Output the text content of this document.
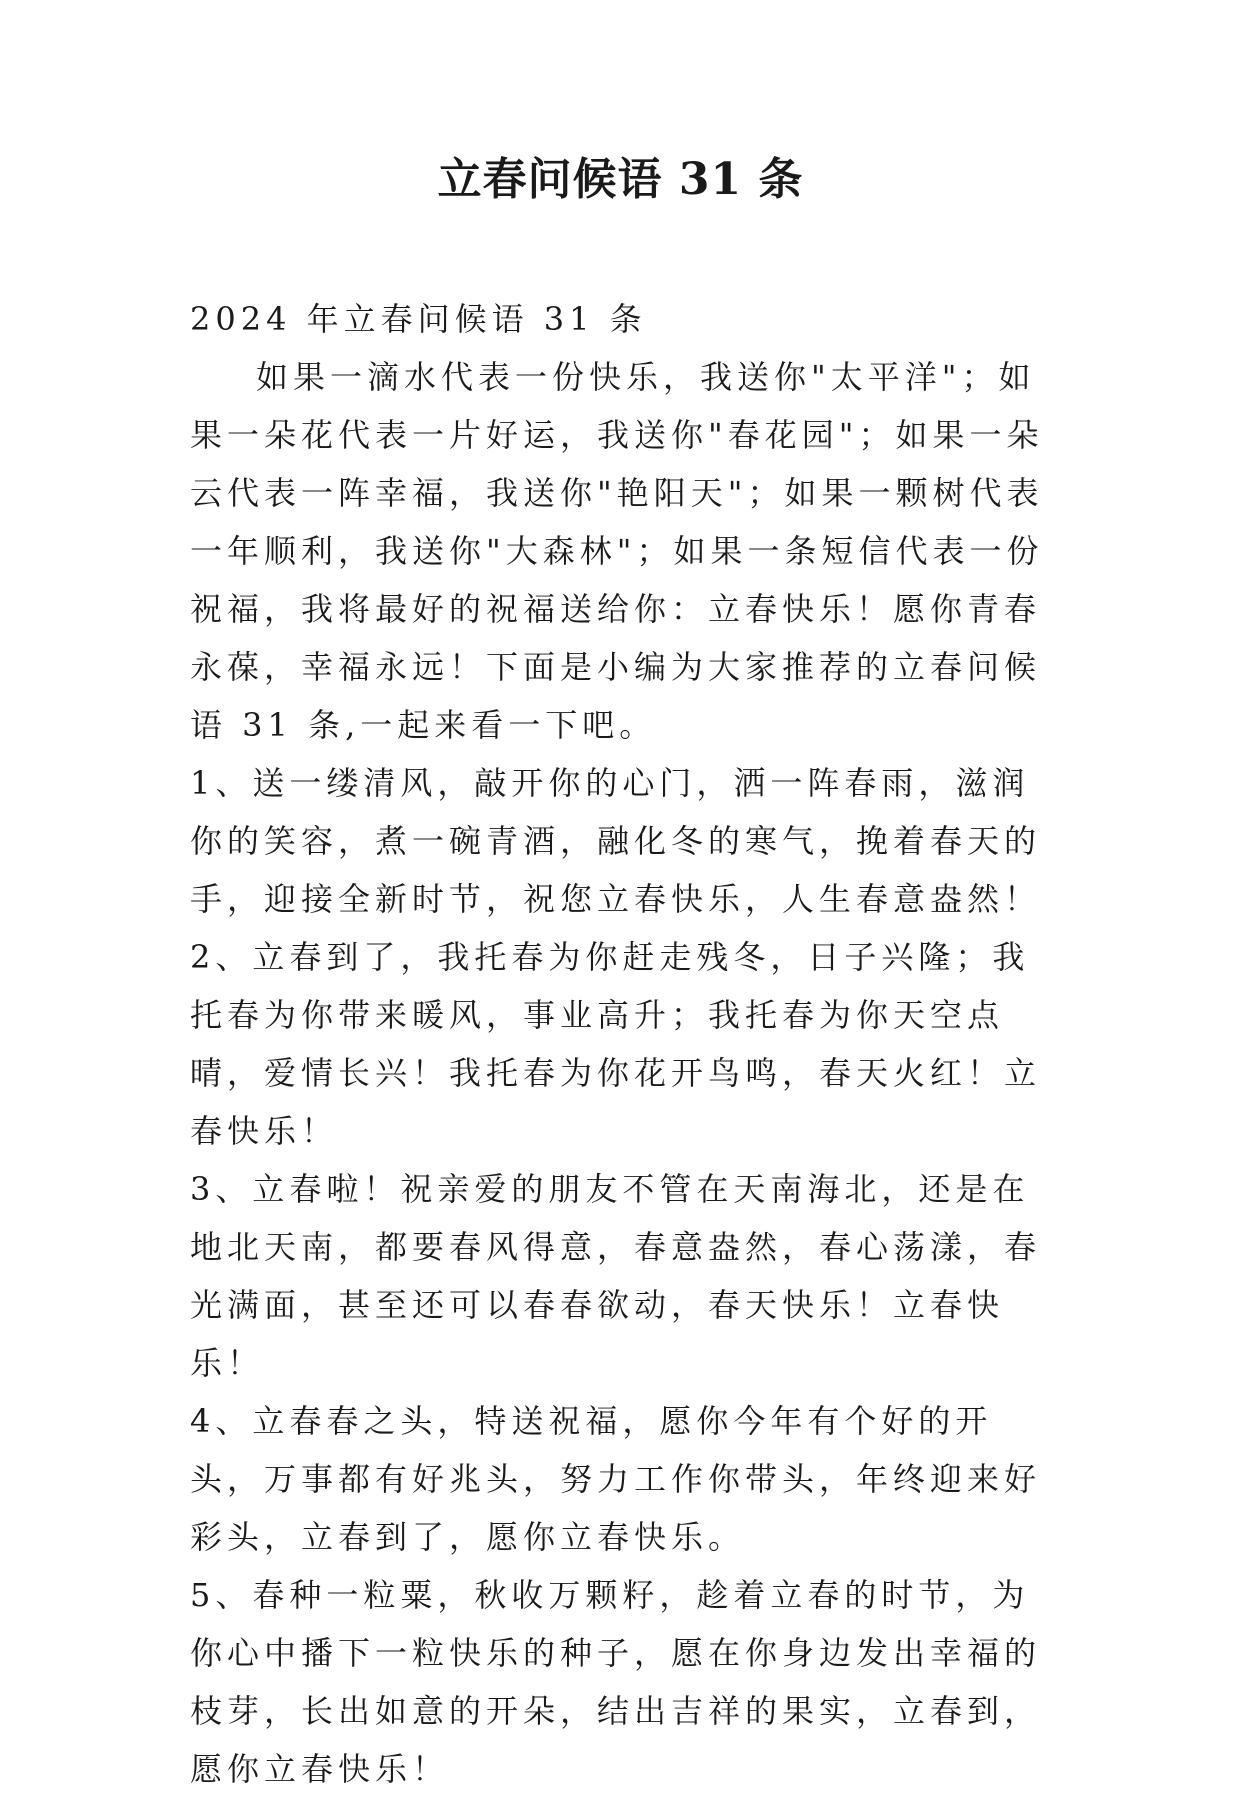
立春问候语 31 条

2024 年立春问候语 31 条

如果一滴水代表一份快乐，我送你"太平洋"；如果一朵花代表一片好运，我送你"春花园"；如果一朵云代表一阵幸福，我送你"艳阳天"；如果一颗树代表一年顺利，我送你"大森林"；如果一条短信代表一份祝福，我将最好的祝福送给你：立春快乐！愿你青春永葆，幸福永远！下面是小编为大家推荐的立春问候语 31 条,一起来看一下吧。

1、送一缕清风，敲开你的心门，洒一阵春雨，滋润你的笑容，煮一碗青酒，融化冬的寒气，挽着春天的手，迎接全新时节，祝您立春快乐，人生春意盎然！

2、立春到了，我托春为你赶走残冬，日子兴隆；我托春为你带来暖风，事业高升；我托春为你天空点晴，爱情长兴！我托春为你花开鸟鸣，春天火红！立春快乐！

3、立春啦！祝亲爱的朋友不管在天南海北，还是在地北天南，都要春风得意，春意盎然，春心荡漾，春光满面，甚至还可以春春欲动，春天快乐！立春快乐！

4、立春春之头，特送祝福，愿你今年有个好的开头，万事都有好兆头，努力工作你带头，年终迎来好彩头，立春到了，愿你立春快乐。

5、春种一粒粟，秋收万颗籽，趁着立春的时节，为你心中播下一粒快乐的种子，愿在你身边发出幸福的枝芽，长出如意的开朵，结出吉祥的果实，立春到，愿你立春快乐！
